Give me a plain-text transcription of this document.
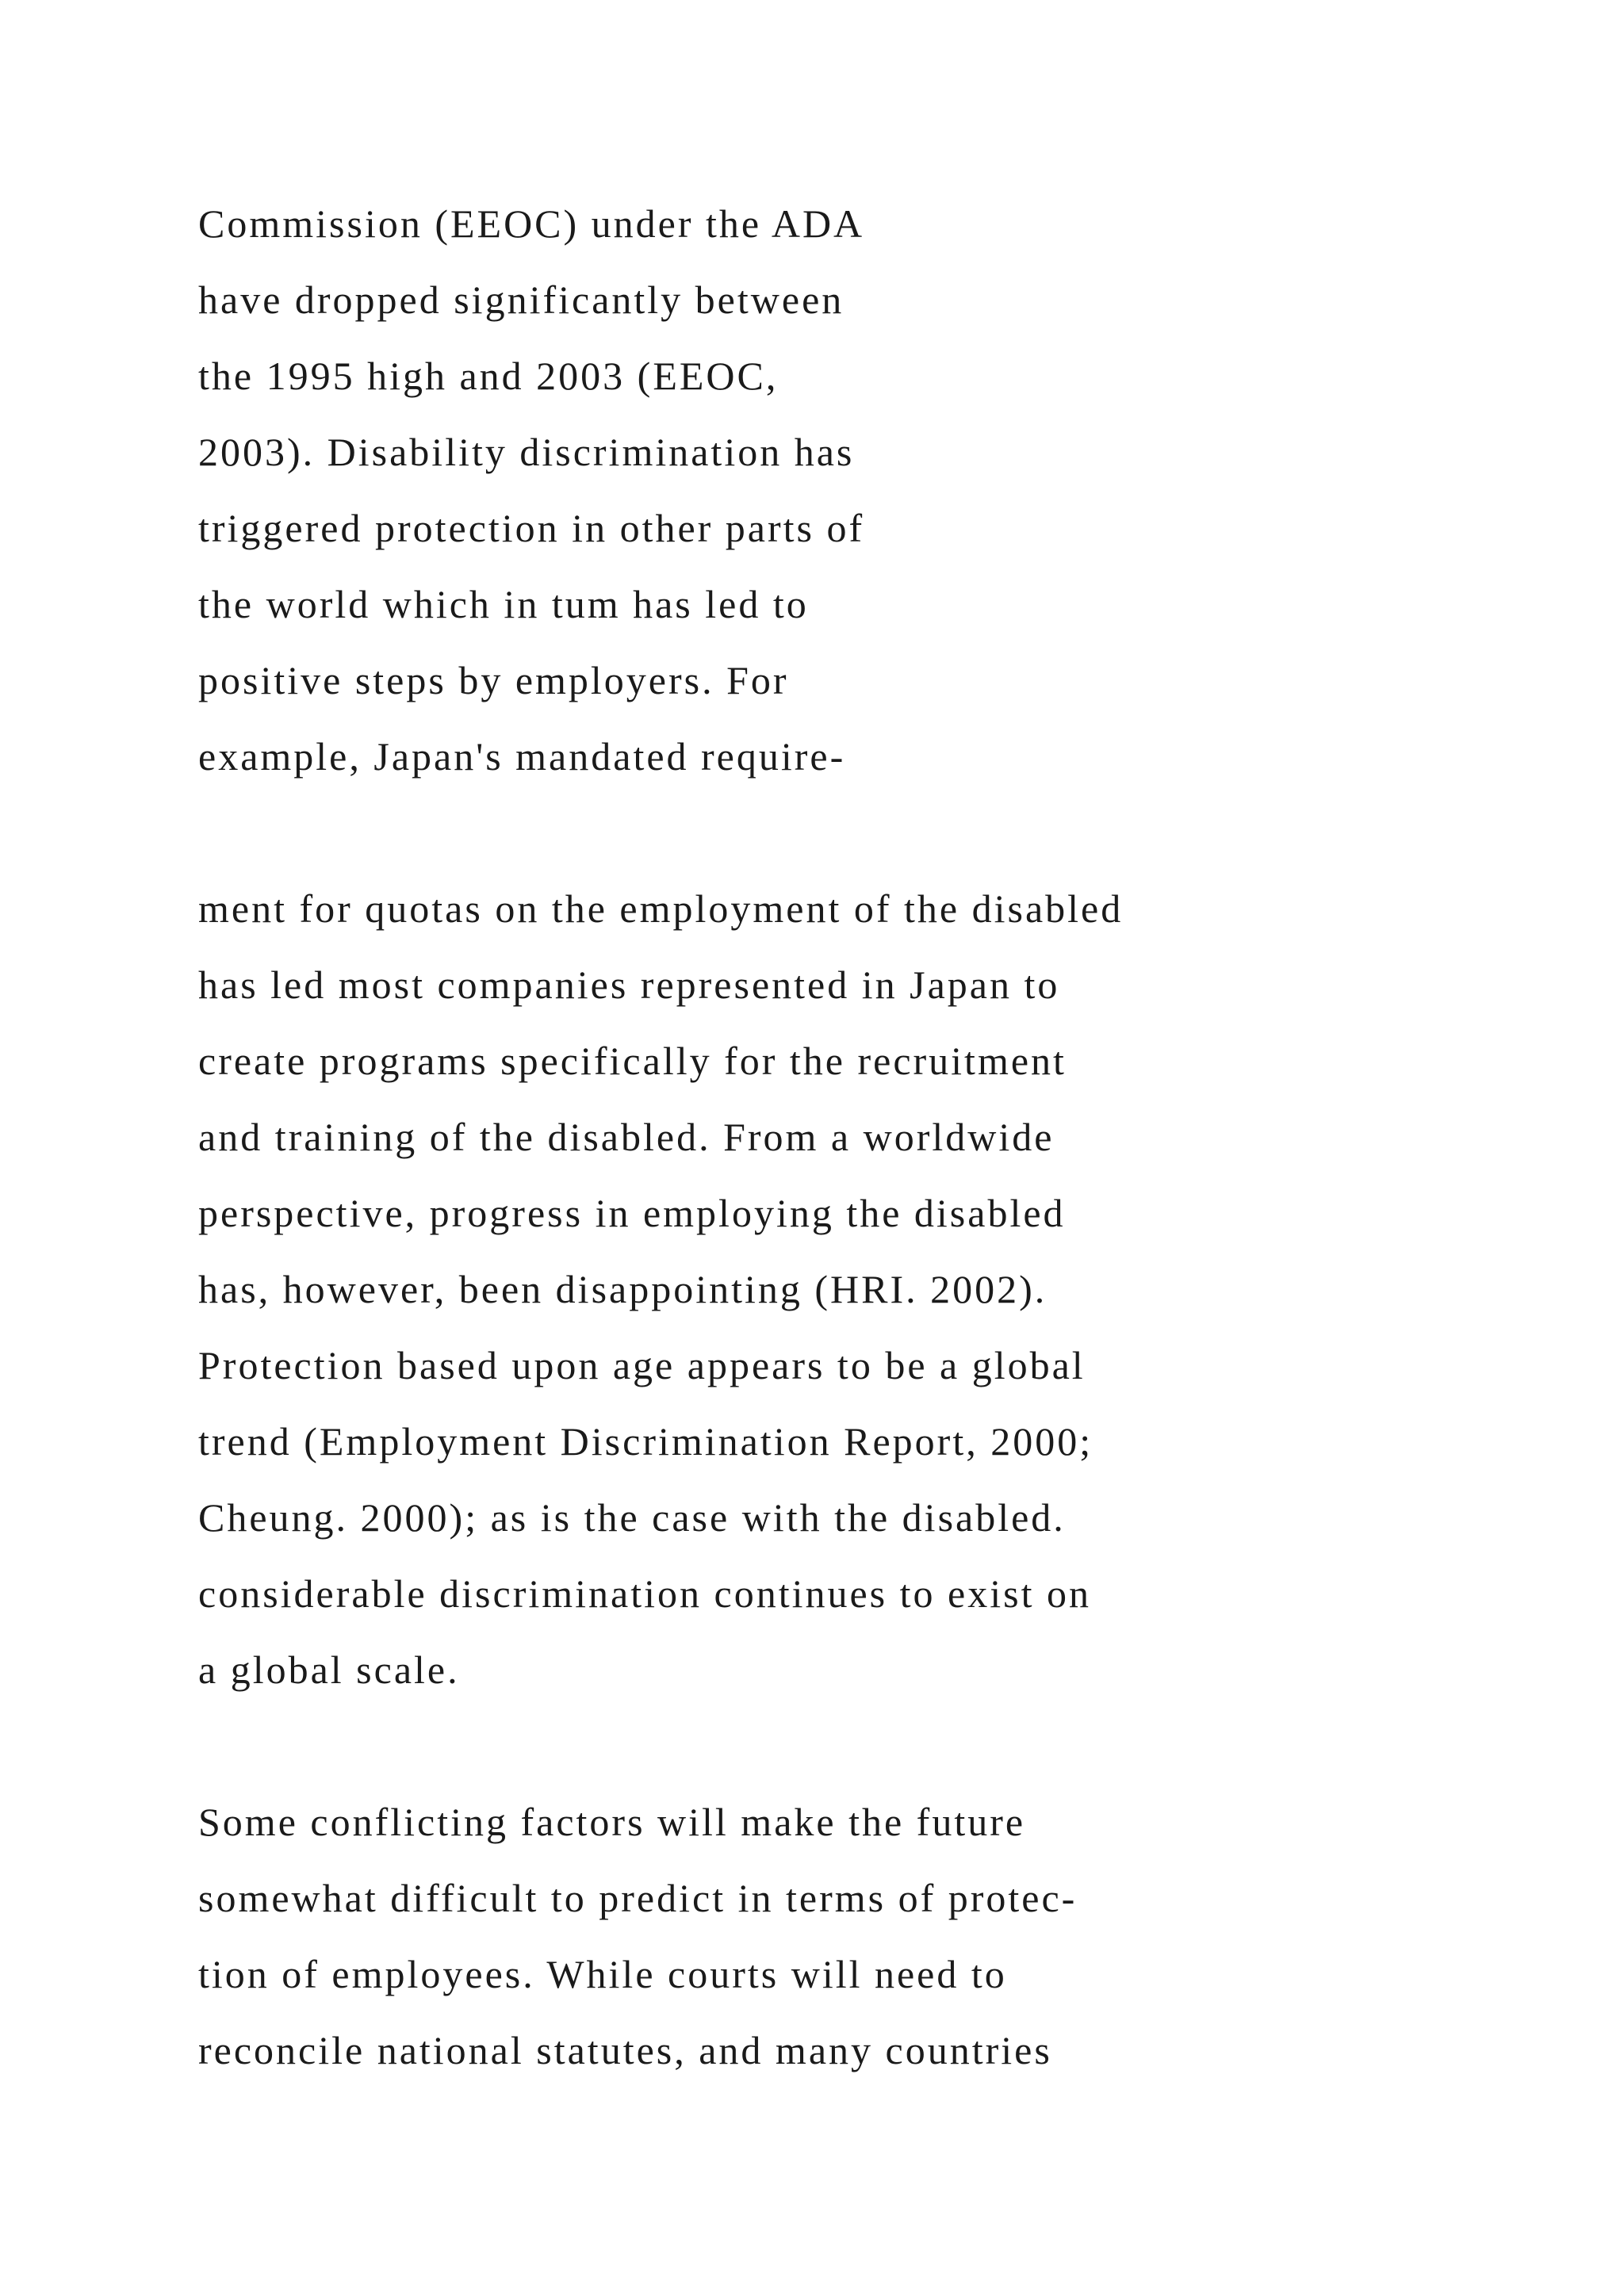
Commission (EEOC) under the ADA
have dropped significantly between
the 1995 high and 2003 (EEOC,
2003). Disability discrimination has
triggered protection in other parts of
the world which in tum has led to
positive steps by employers. For
example, Japan's mandated require-

ment for quotas on the employment of the disabled
has led most companies represented in Japan to
create programs specifically for the recruitment
and training of the disabled. From a worldwide
perspective, progress in employing the disabled
has, however, been disappointing (HRI. 2002).
Protection based upon age appears to be a global
trend (Employment Discrimination Report, 2000;
Cheung. 2000); as is the case with the disabled.
considerable discrimination continues to exist on
a global scale.

Some conflicting factors will make the future
somewhat difficult to predict in terms of protec-
tion of employees. While courts will need to
reconcile national statutes, and many countries
